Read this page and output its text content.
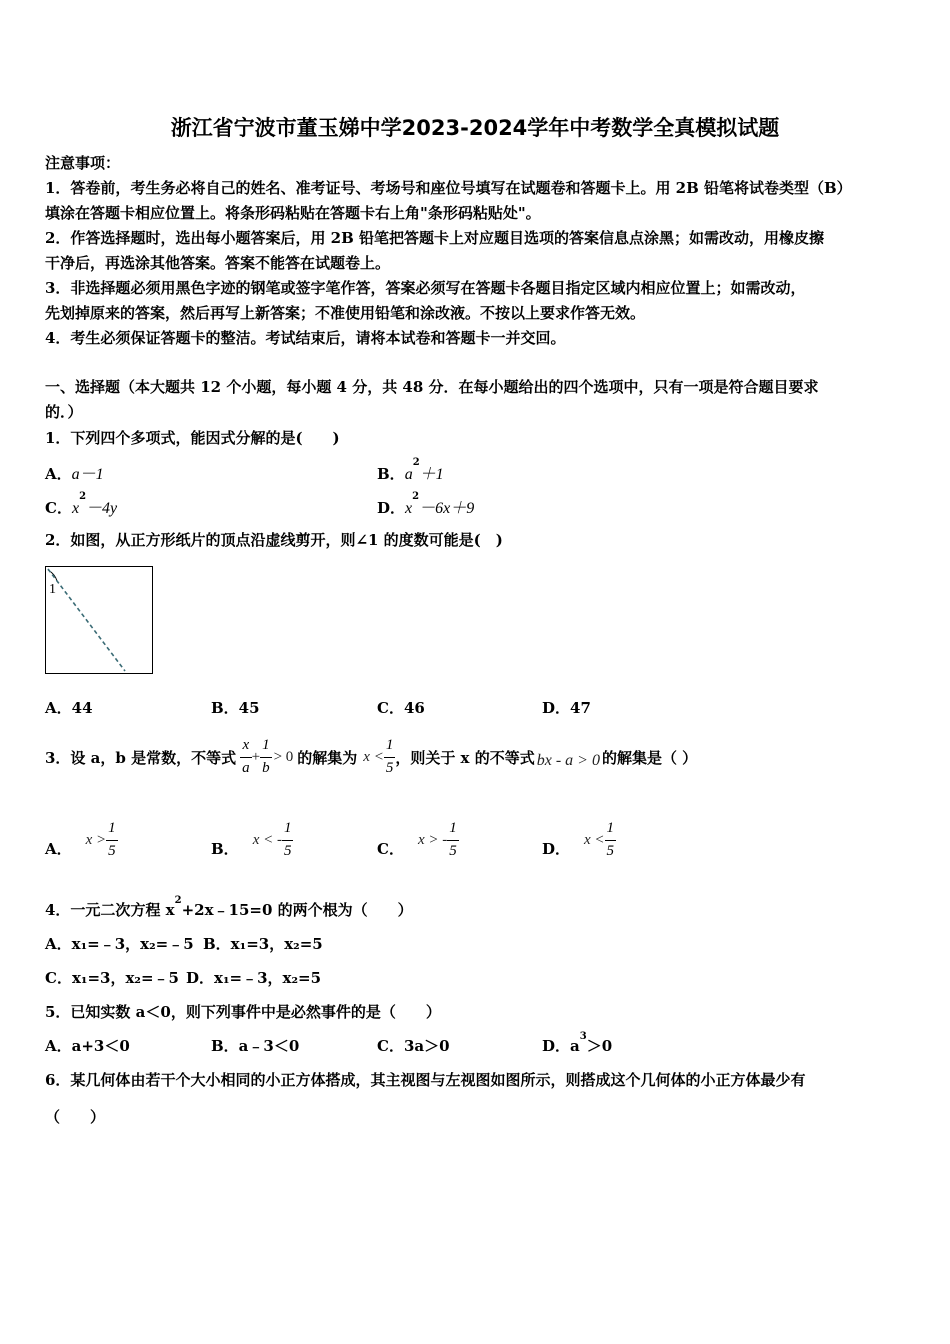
浙江省宁波市董玉娣中学2023-2024学年中考数学全真模拟试题
注意事项：
1．答卷前，考生务必将自己的姓名、准考证号、考场号和座位号填写在试题卷和答题卡上。用 2B 铅笔将试卷类型（B）
填涂在答题卡相应位置上。将条形码粘贴在答题卡右上角"条形码粘贴处"。
2．作答选择题时，选出每小题答案后，用 2B 铅笔把答题卡上对应题目选项的答案信息点涂黑；如需改动，用橡皮擦
干净后，再选涂其他答案。答案不能答在试题卷上。
3．非选择题必须用黑色字迹的钢笔或签字笔作答，答案必须写在答题卡各题目指定区域内相应位置上；如需改动，
先划掉原来的答案，然后再写上新答案；不准使用铅笔和涂改液。不按以上要求作答无效。
4．考生必须保证答题卡的整洁。考试结束后，请将本试卷和答题卡一并交回。
一、选择题（本大题共 12 个小题，每小题 4 分，共 48 分．在每小题给出的四个选项中，只有一项是符合题目要求
的．）
1．下列四个多项式，能因式分解的是(　　)
A．a－1	B．$a^2+1$
C．$x^2-4y$	D．$x^2-6x+9$
2．如图，从正方形纸片的顶点沿虚线剪开，则∠1 的度数可能是(　)
1
A．44	B．45	C．46	D．47
3．设 a，b 是常数，不等式 $\frac{x}{a} + \frac{1}{b} > 0$ 的解集为 $x < \frac{1}{5}$ ，则关于 x 的不等式 bx - a > 0 的解集是（ ）
A． $x > \frac{1}{5}$	B． x < - $\frac{1}{5}$	C． x > - $\frac{1}{5}$	D． $x < \frac{1}{5}$
4．一元二次方程 $x^2+2x﹣15=0$ 的两个根为（　　）
A．x₁=﹣3，x₂=﹣5 B．x₁=3，x₂=5
C．x₁=3，x₂=﹣5 D．x₁=﹣3，x₂=5
5．已知实数 a＜0，则下列事件中是必然事件的是（　　）
A．a+3＜0	B．a﹣3＜0	C．3a＞0	D．$a^3>0$
6．某几何体由若干个大小相同的小正方体搭成，其主视图与左视图如图所示，则搭成这个几何体的小正方体最少有
（　　）
